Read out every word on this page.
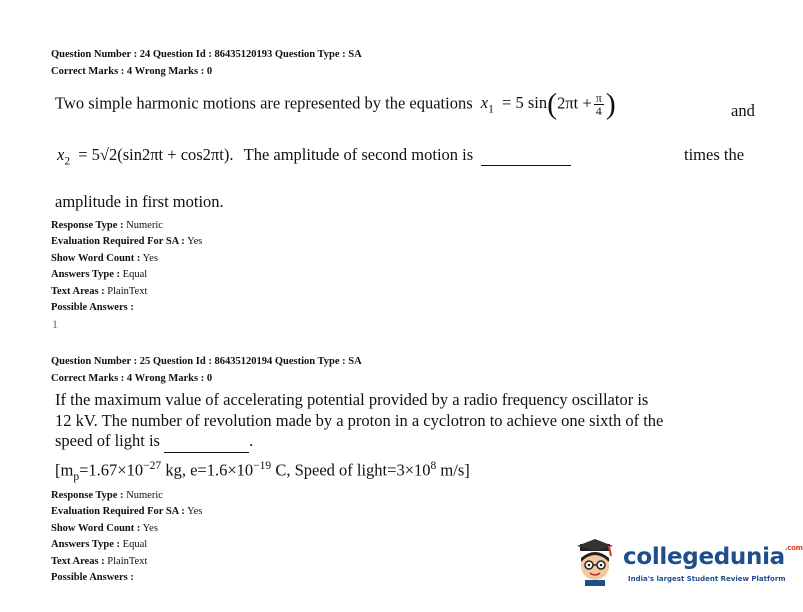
Question Number : 24 Question Id : 86435120193 Question Type : SA
Correct Marks : 4 Wrong Marks : 0
Two simple harmonic motions are represented by the equations $x_1 = 5$ $\sin(2\pi t + \frac{\pi}{4}$ )	and
$x_2 = 5√2(\sin 2\pi t + \cos 2\pi t)$. The amplitude of second motion is	times the
amplitude in first motion.
Response Type : Numeric
Evaluation Required For SA : Yes
Show Word Count : Yes
Answers Type : Equal
Text Areas : PlainText
Possible Answers :
1
Question Number : 25 Question Id : 86435120194 Question Type : SA
Correct Marks : 4 Wrong Marks : 0
If the maximum value of accelerating potential provided by a radio frequency oscillator is
12 kV. The number of revolution made by a proton in a cyclotron to achieve one sixth of the
speed of light is	.
[$m_p=1.67\times 10^{-27}$ kg, $e=1.6\times 10^{-19}$ C, Speed of $light=3\times 10^8$ m/s]
Response Type : Numeric
Evaluation Required For SA : Yes
Show Word Count : Yes
Answers Type : Equal
Text Areas : PlainText
Possible Answers :
collegedunia$^{.com}$
India's largest Student Review Platform
